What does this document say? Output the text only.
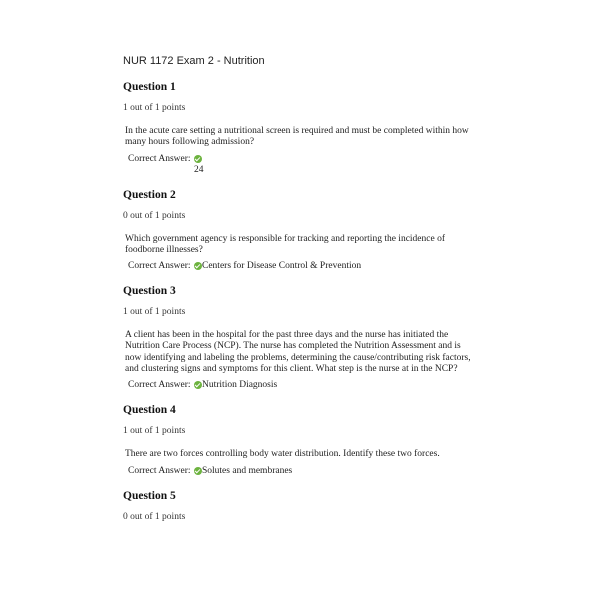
NUR 1172 Exam 2 - Nutrition
Question 1
1 out of 1 points
In the acute care setting a nutritional screen is required and must be completed within how many hours following admission?
Correct Answer:
24
Question 2
0 out of 1 points
Which government agency is responsible for tracking and reporting the incidence of foodborne illnesses?
Correct Answer:	Centers for Disease Control & Prevention
Question 3
1 out of 1 points
A client has been in the hospital for the past three days and the nurse has initiated the Nutrition Care Process (NCP). The nurse has completed the Nutrition Assessment and is now identifying and labeling the problems, determining the cause/contributing risk factors, and clustering signs and symptoms for this client. What step is the nurse at in the NCP?
Correct Answer:	Nutrition Diagnosis
Question 4
1 out of 1 points
There are two forces controlling body water distribution. Identify these two forces.
Correct Answer:	Solutes and membranes
Question 5
0 out of 1 points
